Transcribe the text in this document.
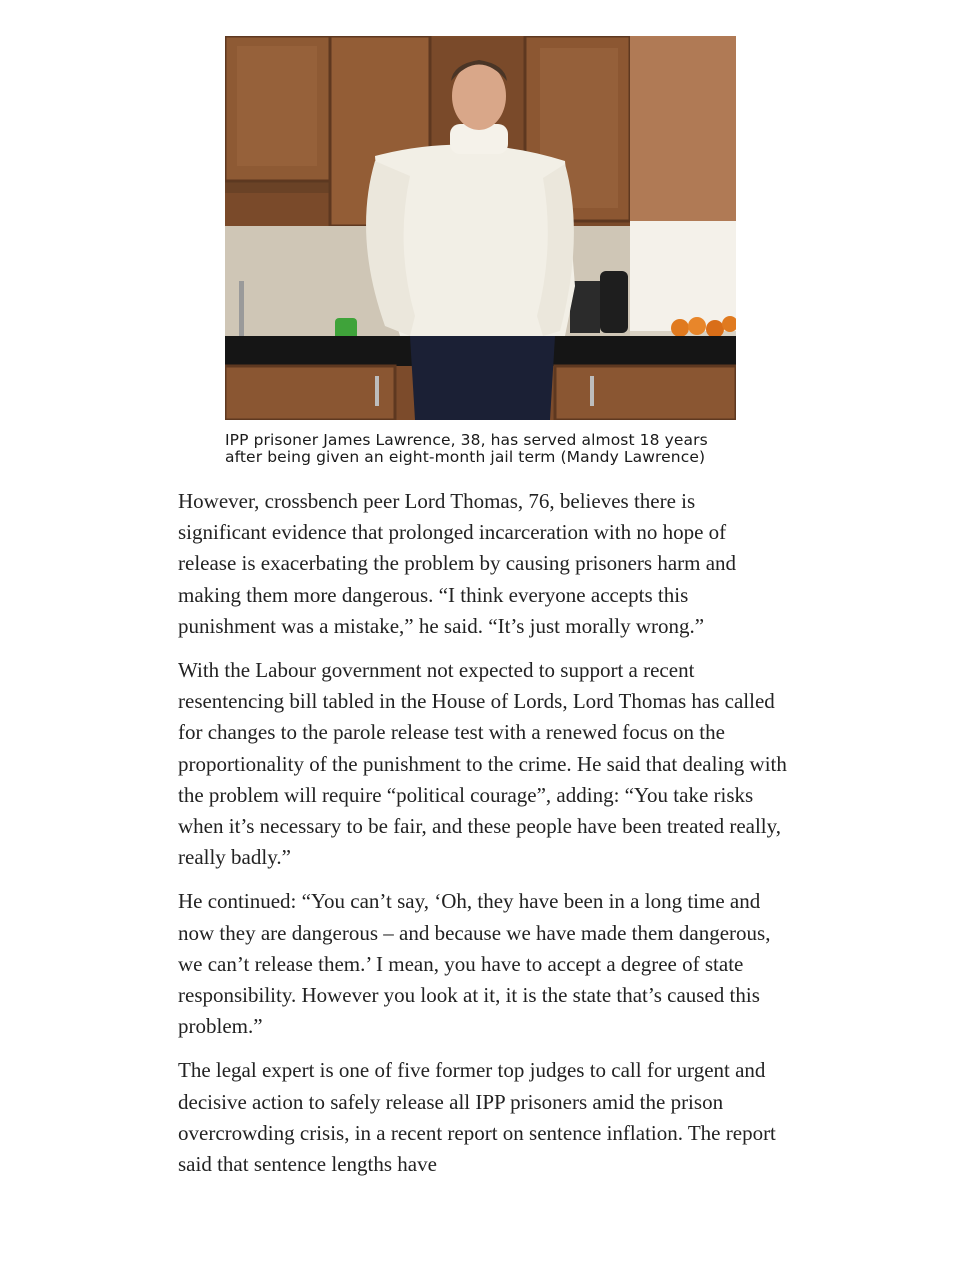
IPP prisoner James Lawrence, 38, has served almost 18 years after being given an eight-month jail term (Mandy Lawrence)

However, crossbench peer Lord Thomas, 76, believes there is significant evidence that prolonged incarceration with no hope of release is exacerbating the problem by causing prisoners harm and making them more dangerous. “I think everyone accepts this punishment was a mistake,” he said. “It’s just morally wrong.”

With the Labour government not expected to support a recent resentencing bill tabled in the House of Lords, Lord Thomas has called for changes to the parole release test with a renewed focus on the proportionality of the punishment to the crime. He said that dealing with the problem will require “political courage”, adding: “You take risks when it’s necessary to be fair, and these people have been treated really, really badly.”

He continued: “You can’t say, ‘Oh, they have been in a long time and now they are dangerous – and because we have made them dangerous, we can’t release them.’ I mean, you have to accept a degree of state responsibility. However you look at it, it is the state that’s caused this problem.”

The legal expert is one of five former top judges to call for urgent and decisive action to safely release all IPP prisoners amid the prison overcrowding crisis, in a recent report on sentence inflation. The report said that sentence lengths have
